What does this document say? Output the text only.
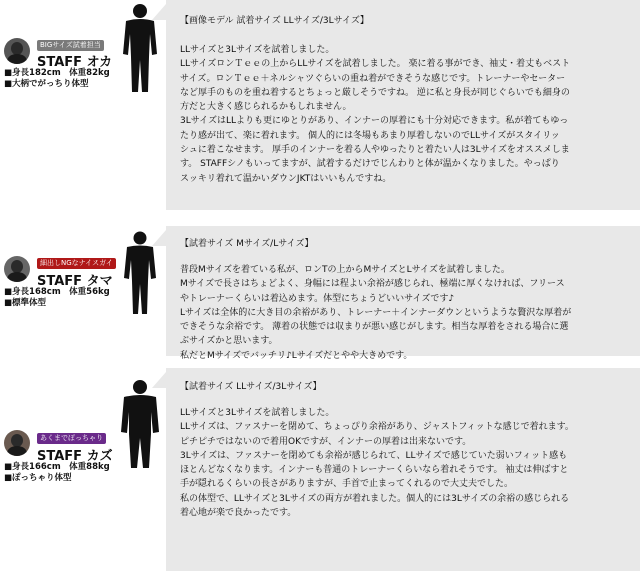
BIGサイズ試着担当
STAFF オカ
■身長182cm　体重82kg
■大柄でがっちり体型
【画像モデル 試着サイズ LLサイズ/3Lサイズ】

LLサイズと3Lサイズを試着しました。

LLサイズロンＴｅｅの上からLLサイズを試着しました。 楽に着る事ができ、袖丈・着丈もベスト

サイズ。ロンＴｅｅ＋ネルシャツぐらいの重ね着ができそうな感じです。トレーナーやセーター

など厚手のものを重ね着するとちょっと厳しそうですね。 逆に私と身長が同じぐらいでも細身の

方だと大きく感じられるかもしれません。

3LサイズはLLよりも更にゆとりがあり、インナーの厚着にも十分対応できます。私が着てもゆっ

たり感が出て、楽に着れます。 個人的には冬場もあまり厚着しないのでLLサイズがスタイリッ

シュに着こなせます。 厚手のインナーを着る人やゆったりと着たい人は3Lサイズをオススメしま

す。 STAFFシノもいってますが、試着するだけでじんわりと体が温かくなりました。やっぱり

スッキリ着れて温かいダウンJKTはいいもんですね。

細出しNGなナイスガイ
STAFF タマ
■身長168cm　体重56kg
■標準体型
【試着サイズ Mサイズ/Lサイズ】

普段Mサイズを着ている私が、ロンTの上からMサイズとLサイズを試着しました。

Mサイズで長さはちょどよく、身幅には程よい余裕が感じられ、極端に厚くなければ、フリース

やトレーナーくらいは着込めます。体型にちょうどいいサイズです♪

Lサイズは全体的に大き目の余裕があり、トレーナー＋インナーダウンというような贅沢な厚着が

できそうな余裕です。 薄着の状態では収まりが悪い感じがします。相当な厚着をされる場合に選

ぶサイズかと思います。

私だとMサイズでバッチリ♪Lサイズだとやや大きめです。

あくまでぽっちゃり
STAFF カズ
■身長166cm　体重88kg
■ぽっちゃり体型
【試着サイズ LLサイズ/3Lサイズ】

LLサイズと3Lサイズを試着しました。

LLサイズは、ファスナーを閉めて、ちょっぴり余裕があり、ジャストフィットな感じで着れます。

ピチピチではないので着用OKですが、インナーの厚着は出来ないです。

3Lサイズは、ファスナーを閉めても余裕が感じられて、LLサイズで感じていた弱いフィット感も

ほとんどなくなります。インナーも普通のトレーナーくらいなら着れそうです。 袖丈は伸ばすと

手が隠れるくらいの長さがありますが、手首で止まってくれるので大丈夫でした。

私の体型で、LLサイズと3Lサイズの両方が着れました。個人的には3Lサイズの余裕の感じられる

着心地が楽で良かったです。
